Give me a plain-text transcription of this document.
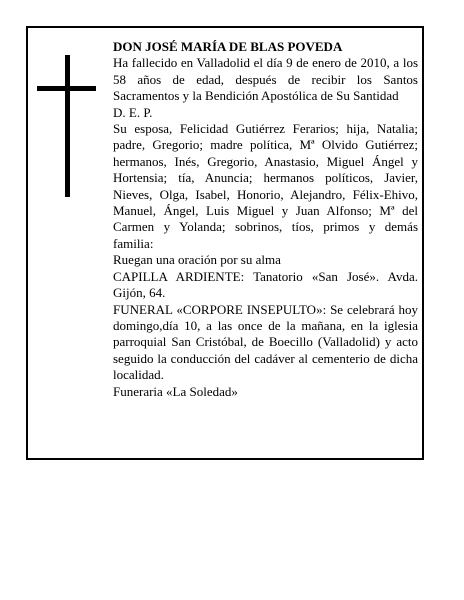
DON JOSÉ MARÍA DE BLAS POVEDA

Ha fallecido en Valladolid el día 9 de enero de 2010, a los 58 años de edad, después de recibir los Santos Sacramentos y la Bendición Apostólica de Su Santidad

D. E. P.

Su esposa, Felicidad Gutiérrez Ferarios; hija, Natalia; padre, Gregorio; madre política, Mª Olvido Gutiérrez; hermanos, Inés, Gregorio, Anastasio, Miguel Ángel y Hortensia; tía, Anuncia; hermanos políticos, Javier, Nieves, Olga, Isabel, Honorio, Alejandro, Félix-Ehivo, Manuel, Ángel, Luis Miguel y Juan Alfonso; Mª del Carmen y Yolanda; sobrinos, tíos, primos y demás familia:

Ruegan una oración por su alma

CAPILLA ARDIENTE: Tanatorio «San José». Avda. Gijón, 64.

FUNERAL «CORPORE INSEPULTO»: Se celebrará hoy domingo,día 10, a las once de la mañana, en la iglesia parroquial San Cristóbal, de Boecillo (Valladolid) y acto seguido la conducción del cadáver al cementerio de dicha localidad.

Funeraria «La Soledad»
